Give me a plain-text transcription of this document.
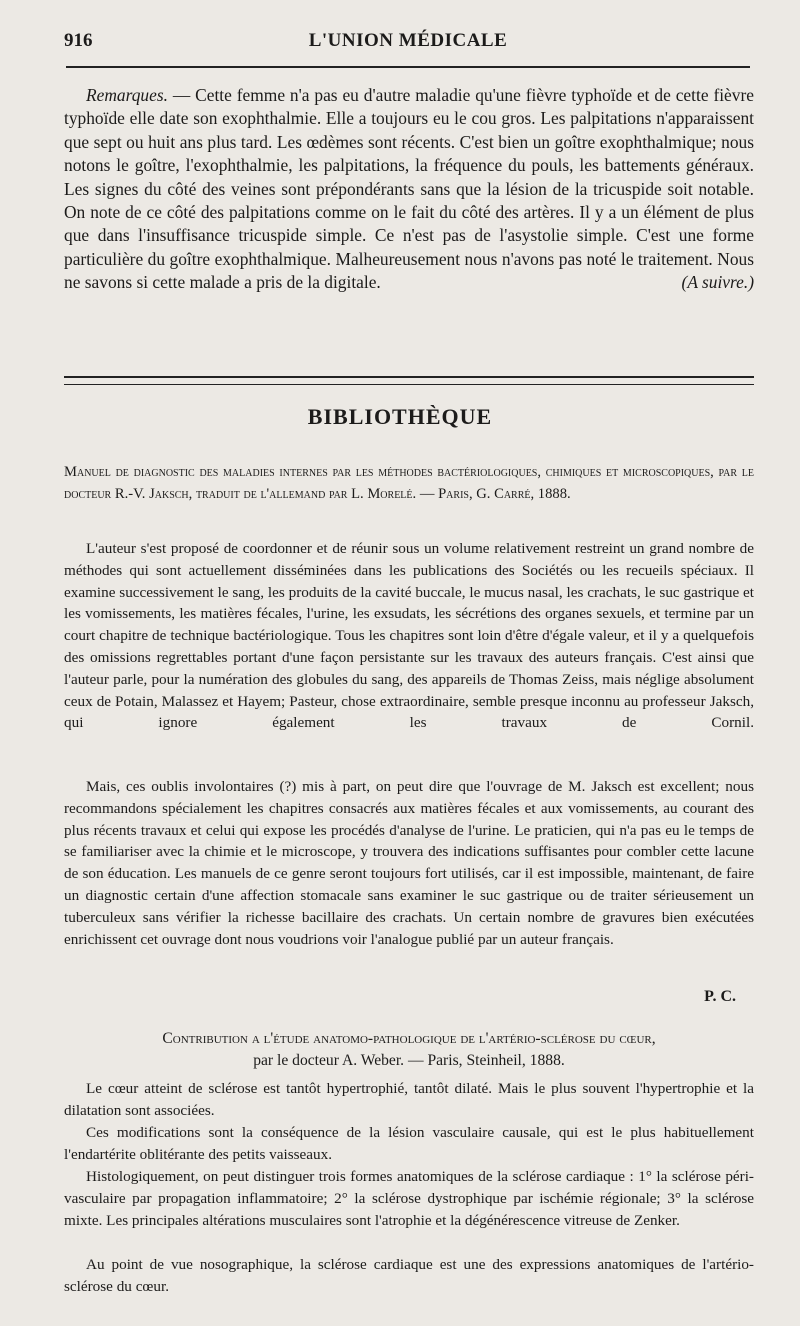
916	L'UNION MÉDICALE
Remarques. — Cette femme n'a pas eu d'autre maladie qu'une fièvre typhoïde et de cette fièvre typhoïde elle date son exophthalmie. Elle a toujours eu le cou gros. Les palpitations n'apparaissent que sept ou huit ans plus tard. Les œdèmes sont récents. C'est bien un goître exophthalmique; nous notons le goître, l'exophthalmie, les palpitations, la fréquence du pouls, les battements généraux. Les signes du côté des veines sont prépondérants sans que la lésion de la tricuspide soit notable. On note de ce côté des palpitations comme on le fait du côté des artères. Il y a un élément de plus que dans l'insuffisance tricuspide simple. Ce n'est pas de l'asystolie simple. C'est une forme particulière du goître exophthalmique. Malheureusement nous n'avons pas noté le traitement. Nous ne savons si cette malade a pris de la digitale.	(A suivre.)
BIBLIOTHÈQUE
Manuel de diagnostic des maladies internes par les méthodes bactériologiques, chimiques et microscopiques, par le docteur R.-V. Jaksch, traduit de l'allemand par L. Morelé. — Paris, G. Carré, 1888.
L'auteur s'est proposé de coordonner et de réunir sous un volume relativement restreint un grand nombre de méthodes qui sont actuellement disséminées dans les publications des Sociétés ou les recueils spéciaux. Il examine successivement le sang, les produits de la cavité buccale, le mucus nasal, les crachats, le suc gastrique et les vomissements, les matières fécales, l'urine, les exsudats, les sécrétions des organes sexuels, et termine par un court chapitre de technique bactériologique. Tous les chapitres sont loin d'être d'égale valeur, et il y a quelquefois des omissions regrettables portant d'une façon persistante sur les travaux des auteurs français. C'est ainsi que l'auteur parle, pour la numération des globules du sang, des appareils de Thomas Zeiss, mais néglige absolument ceux de Potain, Malassez et Hayem; Pasteur, chose extraordinaire, semble presque inconnu au professeur Jaksch, qui ignore également les travaux de Cornil.
Mais, ces oublis involontaires (?) mis à part, on peut dire que l'ouvrage de M. Jaksch est excellent; nous recommandons spécialement les chapitres consacrés aux matières fécales et aux vomissements, au courant des plus récents travaux et celui qui expose les procédés d'analyse de l'urine. Le praticien, qui n'a pas eu le temps de se familiariser avec la chimie et le microscope, y trouvera des indications suffisantes pour combler cette lacune de son éducation. Les manuels de ce genre seront toujours fort utilisés, car il est impossible, maintenant, de faire un diagnostic certain d'une affection stomacale sans examiner le suc gastrique ou de traiter sérieusement un tuberculeux sans vérifier la richesse bacillaire des crachats. Un certain nombre de gravures bien exécutées enrichissent cet ouvrage dont nous voudrions voir l'analogue publié par un auteur français.
P. C.
Contribution a l'étude anatomo-pathologique de l'artério-sclérose du cœur,
par le docteur A. Weber. — Paris, Steinheil, 1888.
Le cœur atteint de sclérose est tantôt hypertrophié, tantôt dilaté. Mais le plus souvent l'hypertrophie et la dilatation sont associées.
Ces modifications sont la conséquence de la lésion vasculaire causale, qui est le plus habituellement l'endartérite oblitérante des petits vaisseaux.
Histologiquement, on peut distinguer trois formes anatomiques de la sclérose cardiaque : 1° la sclérose péri-vasculaire par propagation inflammatoire; 2° la sclérose dystrophique par ischémie régionale; 3° la sclérose mixte. Les principales altérations musculaires sont l'atrophie et la dégénérescence vitreuse de Zenker.
Au point de vue nosographique, la sclérose cardiaque est une des expressions anatomiques de l'artério-sclérose du cœur.
